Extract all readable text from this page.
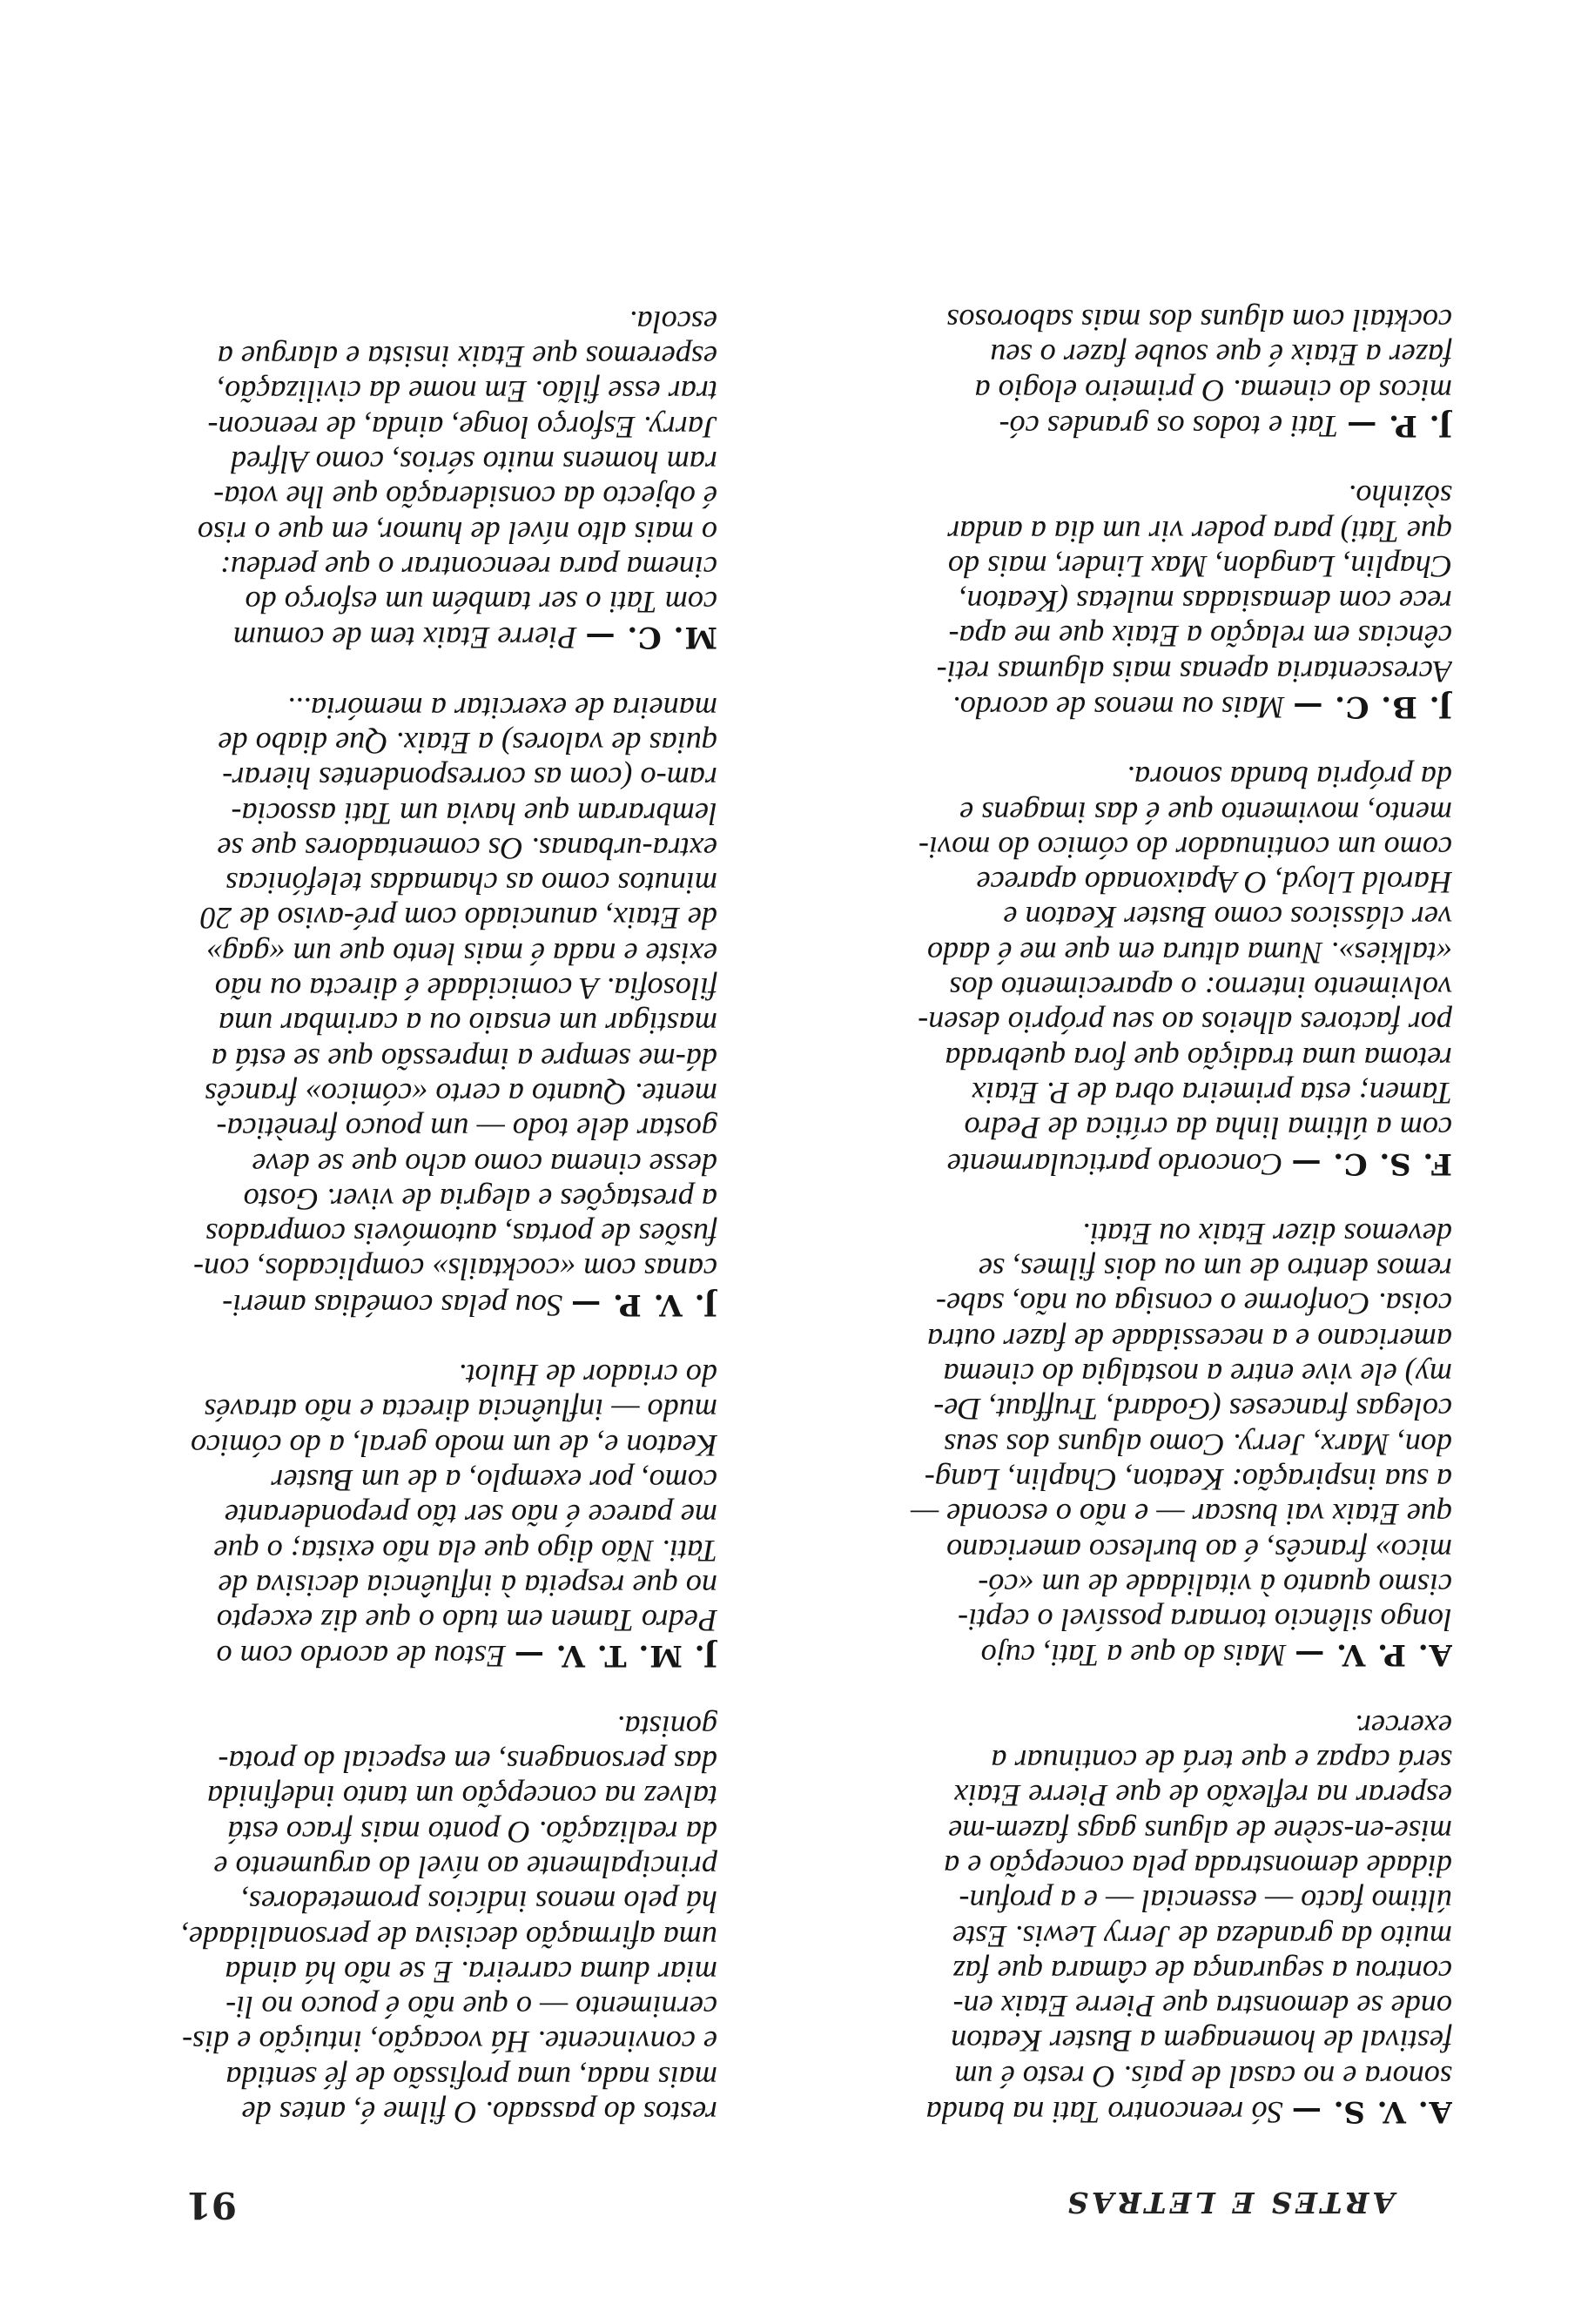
ARTES E LETRAS
91
A. V. S. — Só reencontro Tati na banda
sonora e no casal de país. O resto é um
festival de homenagem a Buster Keaton
onde se demonstra que Pierre Etaix en-
controu a segurança de câmara que faz
muito da grandeza de Jerry Lewis. Este
último facto — essencial — e a profun-
didade demonstrada pela concepção e a
mise-en-scène de alguns gags fazem-me
esperar na reflexão de que Pierre Etaix
será capaz e que terá de continuar a
exercer.
A. P. V. — Mais do que a Tati, cujo
longo silêncio tornara possível o cepti-
cismo quanto à vitalidade de um «có-
mico» francês, é ao burlesco americano
que Etaix vai buscar — e não o esconde —
a sua inspiração: Keaton, Chaplin, Lang-
don, Marx, Jerry. Como alguns dos seus
colegas franceses (Godard, Truffaut, De-
my) ele vive entre a nostalgia do cinema
americano e a necessidade de fazer outra
coisa. Conforme o consiga ou não, sabe-
remos dentro de um ou dois filmes, se
devemos dizer Etaix ou Etati.
F. S. C. — Concordo particularmente
com a última linha da crítica de Pedro
Tamen; esta primeira obra de P. Etaix
retoma uma tradição que fora quebrada
por factores alheios ao seu próprio desen-
volvimento interno: o aparecimento dos
«talkies». Numa altura em que me é dado
ver clássicos como Buster Keaton e
Harold Lloyd, O Apaixonado aparece
como um continuador do cómico do movi-
mento, movimento que é das imagens e
da própria banda sonora.
J. B. C. — Mais ou menos de acordo.
Acrescentaria apenas mais algumas reti-
cências em relação a Etaix que me apa-
rece com demasiadas muletas (Keaton,
Chaplin, Langdon, Max Linder, mais do
que Tati) para poder vir um dia a andar
sòzinho.
J. P. — Tati e todos os grandes có-
micos do cinema. O primeiro elogio a
fazer a Etaix é que soube fazer o seu
cocktail com alguns dos mais saborosos
restos do passado. O filme é, antes de
mais nada, uma profissão de fé sentida
e convincente. Há vocação, intuição e dis-
cernimento — o que não é pouco no li-
miar duma carreira. E se não há ainda
uma afirmação decisiva de personalidade,
há pelo menos indícios prometedores,
principalmente ao nível do argumento e
da realização. O ponto mais fraco está
talvez na concepção um tanto indefinida
das personagens, em especial do prota-
gonista.
J. M. T. V. — Estou de acordo com o
Pedro Tamen em tudo o que diz excepto
no que respeita à influência decisiva de
Tati. Não digo que ela não exista; o que
me parece é não ser tão preponderante
como, por exemplo, a de um Buster
Keaton e, de um modo geral, a do cómico
mudo — influência directa e não através
do criador de Hulot.
J. V. P. — Sou pelas comédias ameri-
canas com «cocktails» complicados, con-
fusões de portas, automóveis comprados
a prestações e alegria de viver. Gosto
desse cinema como acho que se deve
gostar dele todo — um pouco frenètica-
mente. Quanto a certo «cómico» francês
dá-me sempre a impressão que se está a
mastigar um ensaio ou a carimbar uma
filosofia. A comicidade é directa ou não
existe e nada é mais lento que um «gag»
de Etaix, anunciado com pré-aviso de 20
minutos como as chamadas telefónicas
extra-urbanas. Os comentadores que se
lembraram que havia um Tati associa-
ram-o (com as correspondentes hierar-
quias de valores) a Etaix. Que diabo de
maneira de exercitar a memória...
M. C. — Pierre Etaix tem de comum
com Tati o ser também um esforço do
cinema para reencontrar o que perdeu:
o mais alto nível de humor, em que o riso
é objecto da consideração que lhe vota-
ram homens muito sérios, como Alfred
Jarry. Esforço longe, ainda, de reencon-
trar esse filão. Em nome da civilização,
esperemos que Etaix insista e alargue a
escola.
